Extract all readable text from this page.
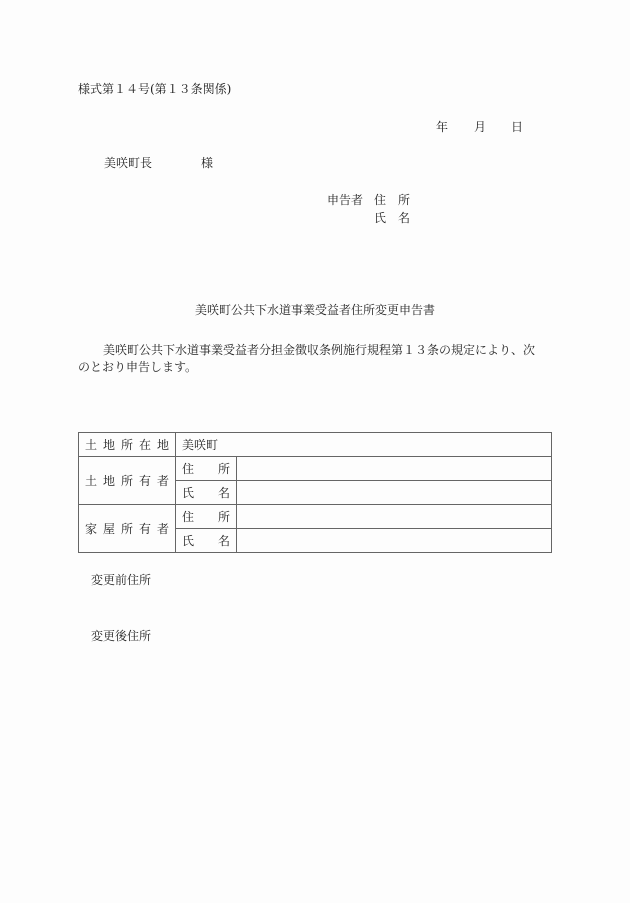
様式第１４号(第１３条関係)
年 月 日
美咲町長	様
申告者 住　所
氏　名
美咲町公共下水道事業受益者住所変更申告書
美咲町公共下水道事業受益者分担金徴収条例施行規程第１３条の規定により、次
のとおり申告します。
土地所在地	美咲町	
土地所有者	住所	
	氏名	
家屋所有者	住所	
	氏名	
変更前住所
変更後住所
